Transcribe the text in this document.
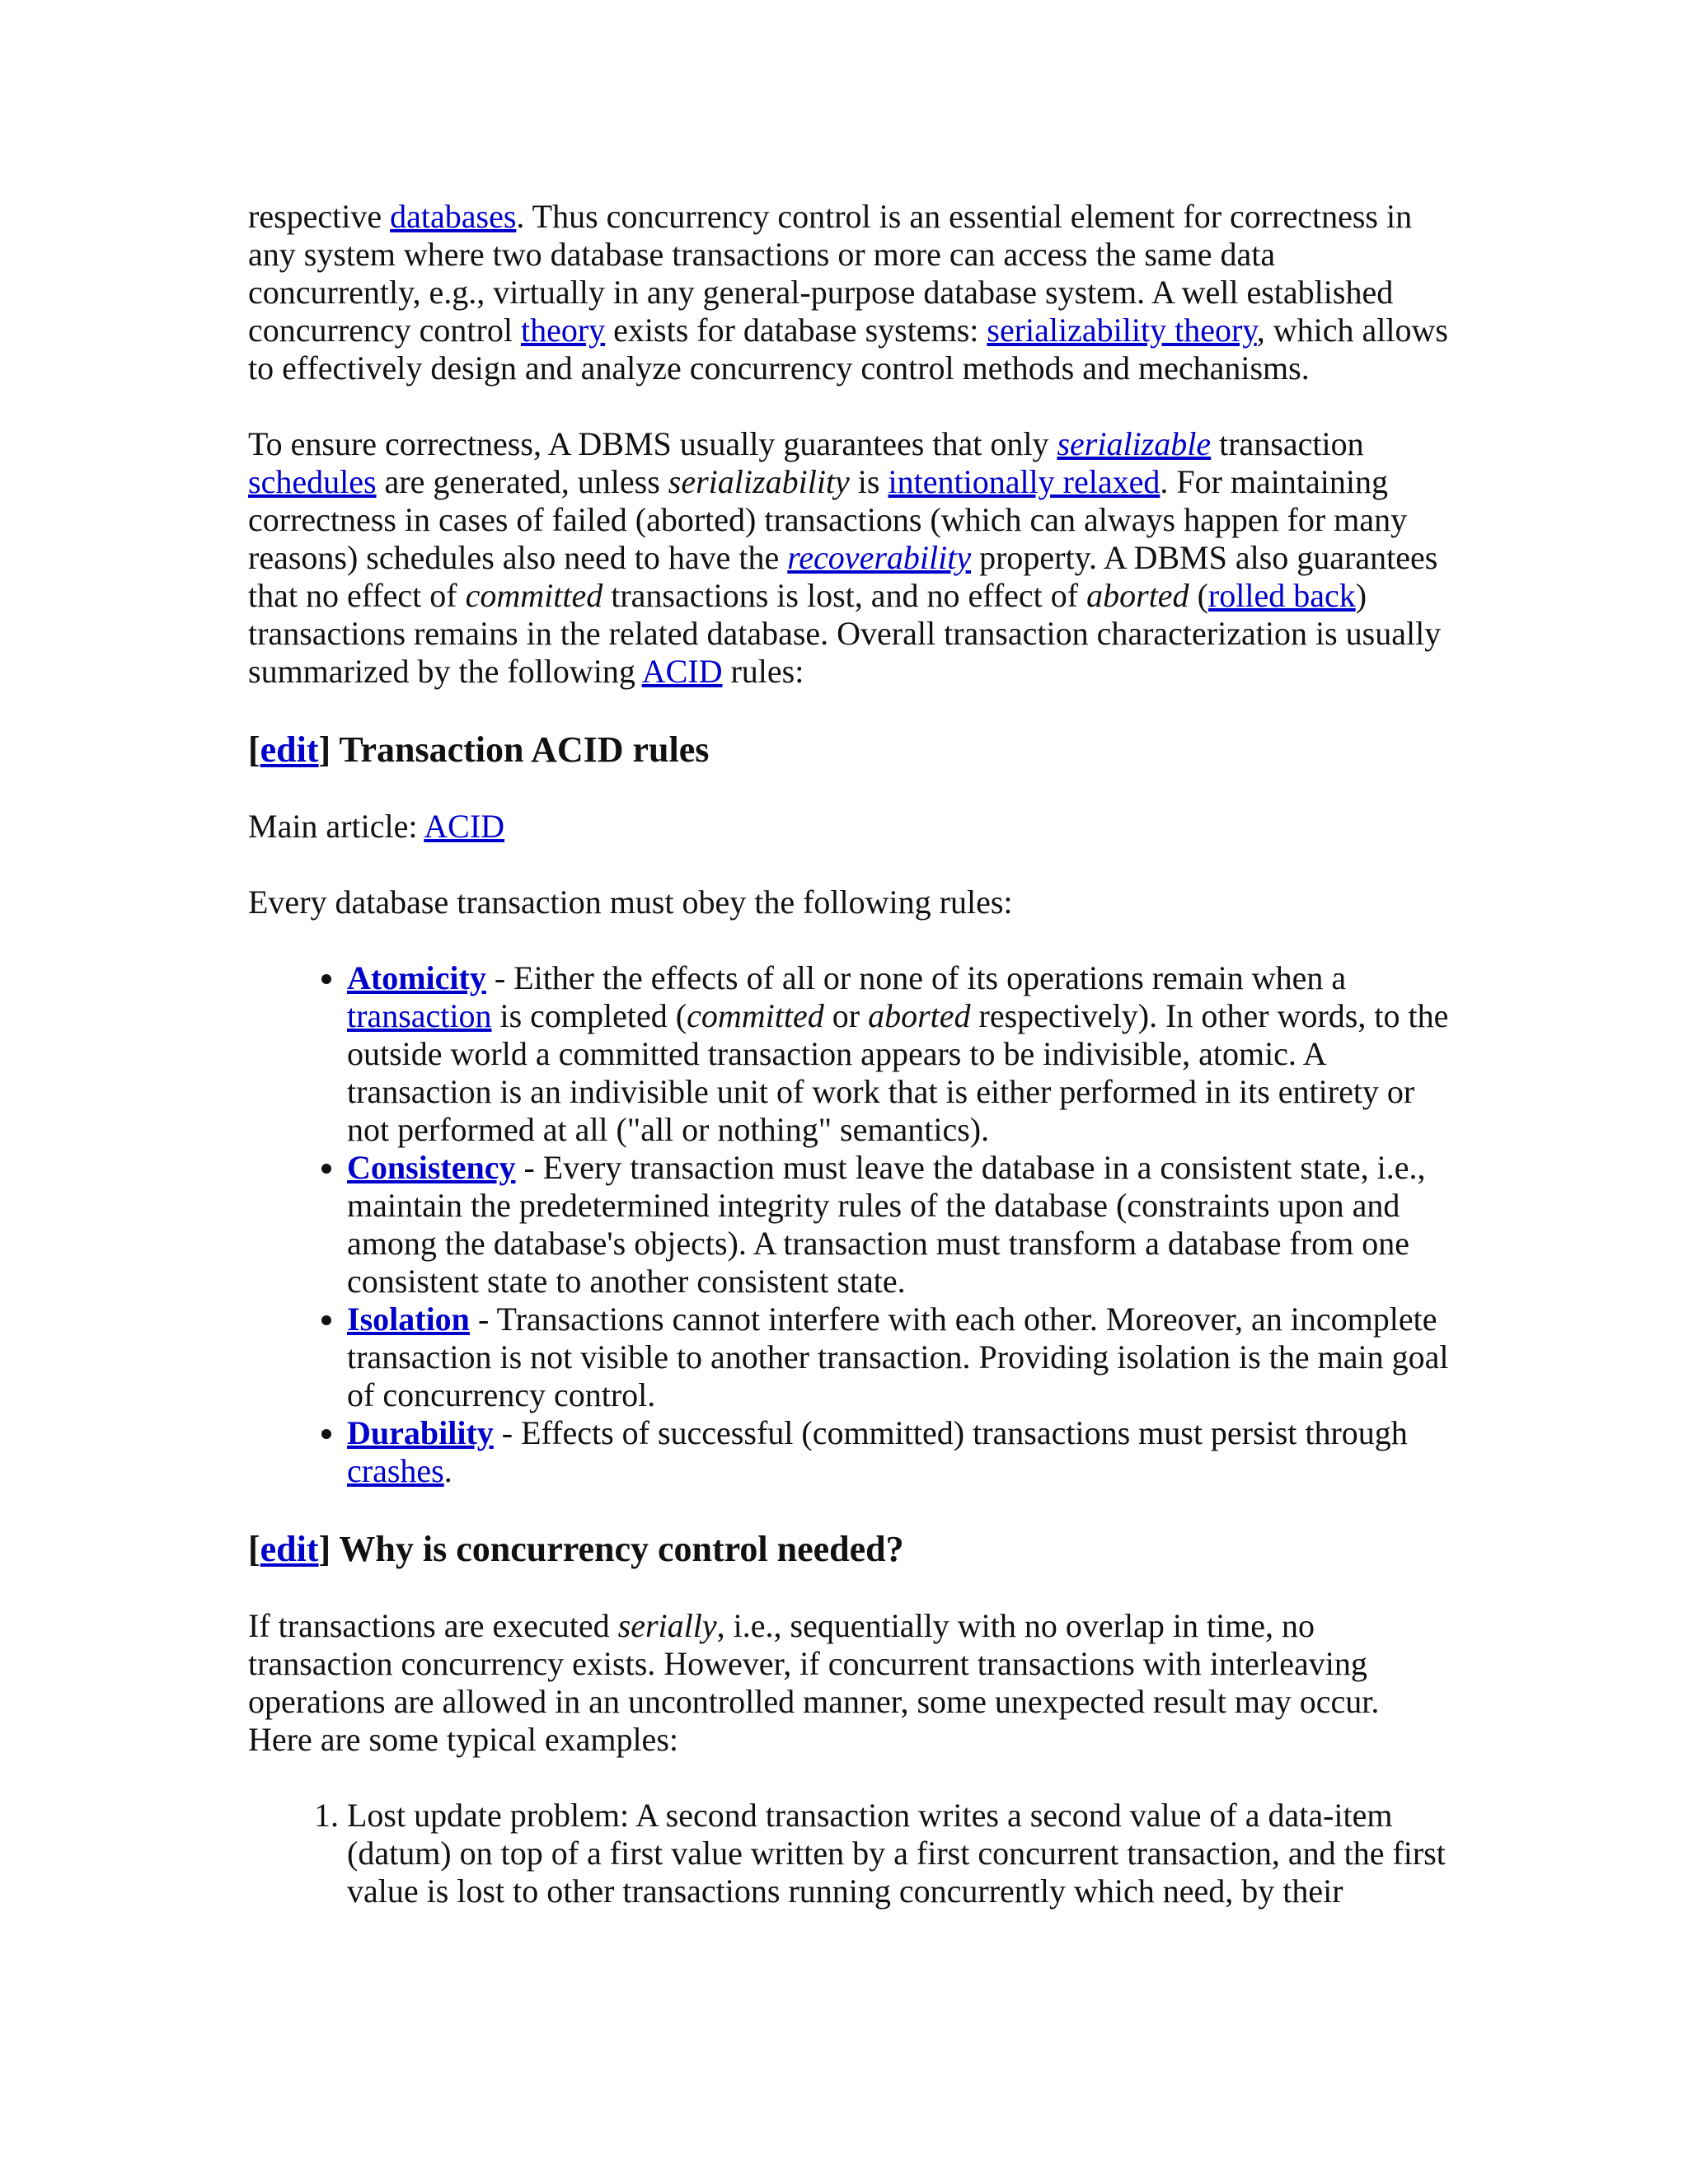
respective databases. Thus concurrency control is an essential element for correctness in any system where two database transactions or more can access the same data concurrently, e.g., virtually in any general-purpose database system. A well established concurrency control theory exists for database systems: serializability theory, which allows to effectively design and analyze concurrency control methods and mechanisms.

To ensure correctness, A DBMS usually guarantees that only serializable transaction schedules are generated, unless serializability is intentionally relaxed. For maintaining correctness in cases of failed (aborted) transactions (which can always happen for many reasons) schedules also need to have the recoverability property. A DBMS also guarantees that no effect of committed transactions is lost, and no effect of aborted (rolled back) transactions remains in the related database. Overall transaction characterization is usually summarized by the following ACID rules:

[edit] Transaction ACID rules

Main article: ACID

Every database transaction must obey the following rules:

• Atomicity - Either the effects of all or none of its operations remain when a transaction is completed (committed or aborted respectively). In other words, to the outside world a committed transaction appears to be indivisible, atomic. A transaction is an indivisible unit of work that is either performed in its entirety or not performed at all ("all or nothing" semantics).
• Consistency - Every transaction must leave the database in a consistent state, i.e., maintain the predetermined integrity rules of the database (constraints upon and among the database's objects). A transaction must transform a database from one consistent state to another consistent state.
• Isolation - Transactions cannot interfere with each other. Moreover, an incomplete transaction is not visible to another transaction. Providing isolation is the main goal of concurrency control.
• Durability - Effects of successful (committed) transactions must persist through crashes.
[edit] Why is concurrency control needed?

If transactions are executed serially, i.e., sequentially with no overlap in time, no transaction concurrency exists. However, if concurrent transactions with interleaving operations are allowed in an uncontrolled manner, some unexpected result may occur. Here are some typical examples:

1. Lost update problem: A second transaction writes a second value of a data-item (datum) on top of a first value written by a first concurrent transaction, and the first value is lost to other transactions running concurrently which need, by their
